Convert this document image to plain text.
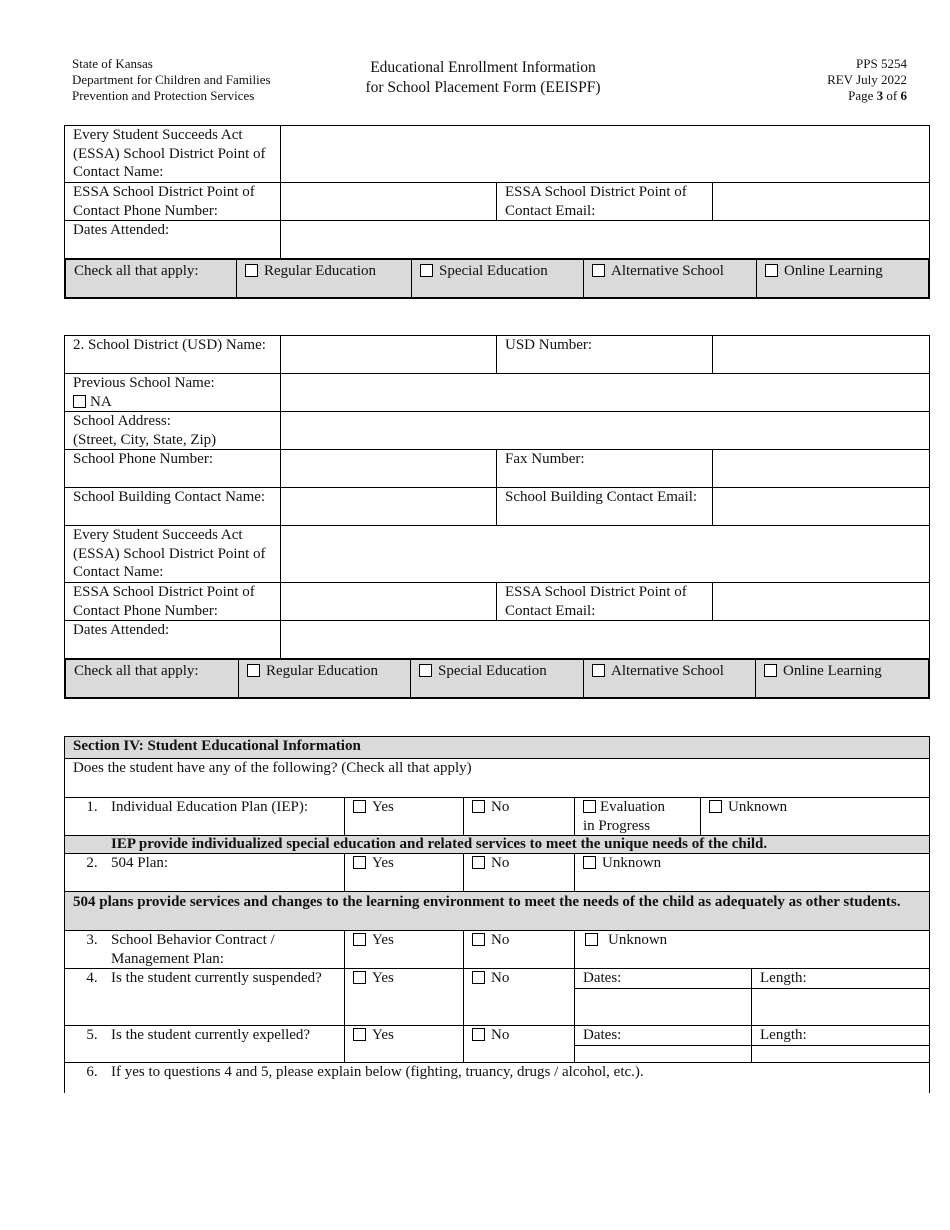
State of Kansas
Department for Children and Families
Prevention and Protection Services
Educational Enrollment Information
for School Placement Form (EEISPF)
PPS 5254
REV July 2022
Page 3 of 6
Every Student Succeeds Act (ESSA) School District Point of Contact Name:	
ESSA School District Point of Contact Phone Number:		ESSA School District Point of Contact Email:	
Dates Attended:	

Check all that apply:	Regular Education	Special Education	Alternative School	Online Learning
2. School District (USD) Name:		USD Number:	

Previous School Name:
NA

School Address:
(Street, City, State, Zip)

School Phone Number:		Fax Number:	
School Building Contact Name:		School Building Contact Email:	
Every Student Succeeds Act (ESSA) School District Point of Contact Name:	
ESSA School District Point of Contact Phone Number:		ESSA School District Point of Contact Email:	
Dates Attended:	

Check all that apply:	Regular Education	Special Education	Alternative School	Online Learning
Section IV: Student Educational Information					
Does the student have any of the following? (Check all that apply)					
1. Individual Education Plan (IEP):	Yes	No	Evaluation
in Progress	Unknown	
IEP provide individualized special education and related services to meet the unique needs of the child.					
2. 504 Plan:	Yes	No	Unknown		
504 plans provide services and changes to the learning environment to meet the needs of the child as adequately as other students.					

3. School Behavior Contract / Management Plan:	Yes	No	Unknown		

4. Is the student currently suspended?	Yes	No	Dates:		Length:

5. Is the student currently expelled?	Yes	No	Dates:		Length:

6. If yes to questions 4 and 5, please explain below (fighting, truancy, drugs / alcohol, etc.).					
